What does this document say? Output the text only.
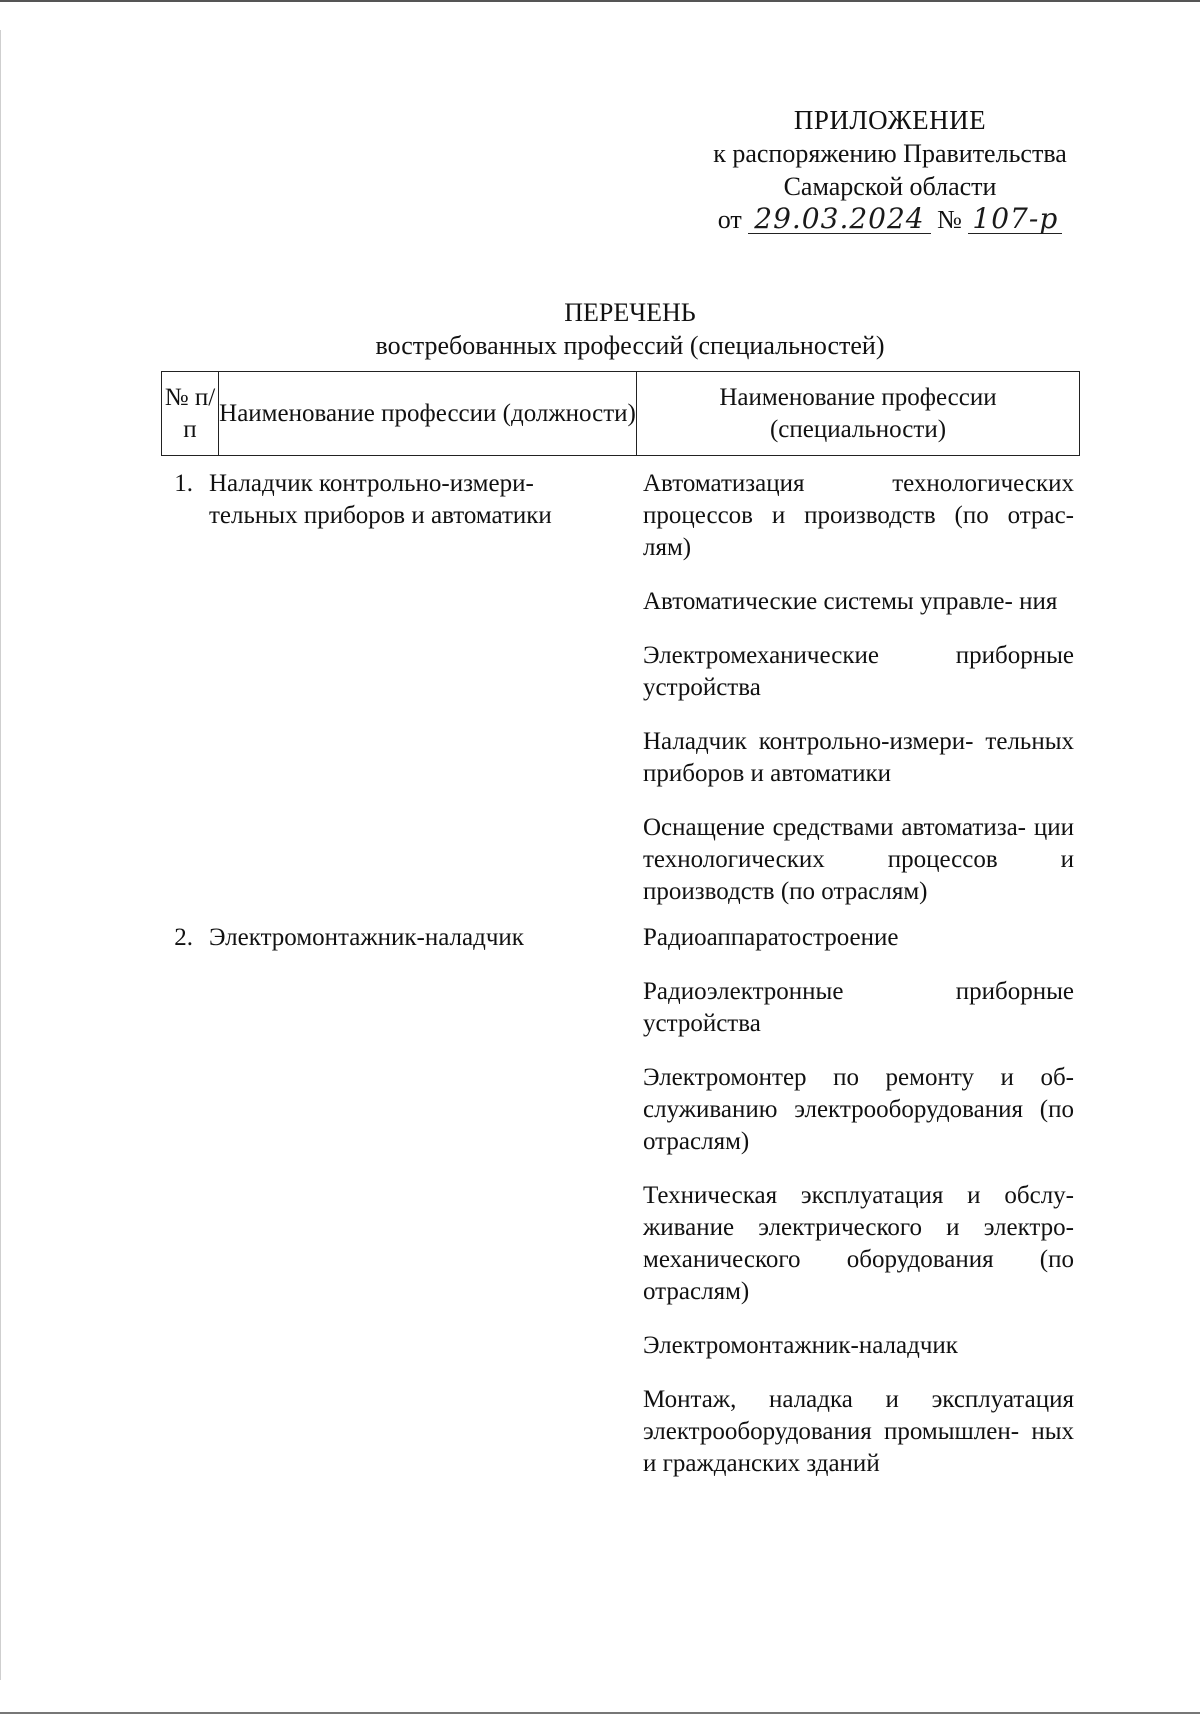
ПРИЛОЖЕНИЕ
к распоряжению Правительства
Самарской области
от 29.03.2024 № 107-р
ПЕРЕЧЕНЬ
востребованных профессий (специальностей)
№ п/п
Наименование профессии (должности)
Наименование профессии (специальности)
1. Наладчик контрольно-измери- тельных приборов и автоматики

Автоматизация технологических процессов и производств (по отрас- лям)

Автоматические системы управле- ния

Электромеханические приборные устройства

Наладчик контрольно-измери- тельных приборов и автоматики

Оснащение средствами автоматиза- ции технологических процессов и производств (по отраслям)

2. Электромонтажник-наладчик	Радиоаппаратостроение

Радиоэлектронные приборные устройства

Электромонтер по ремонту и об- служиванию электрооборудования (по отраслям)

Техническая эксплуатация и обслу- живание электрического и электро- механического оборудования (по отраслям)

Электромонтажник-наладчик

Монтаж, наладка и эксплуатация электрооборудования промышлен- ных и гражданских зданий
